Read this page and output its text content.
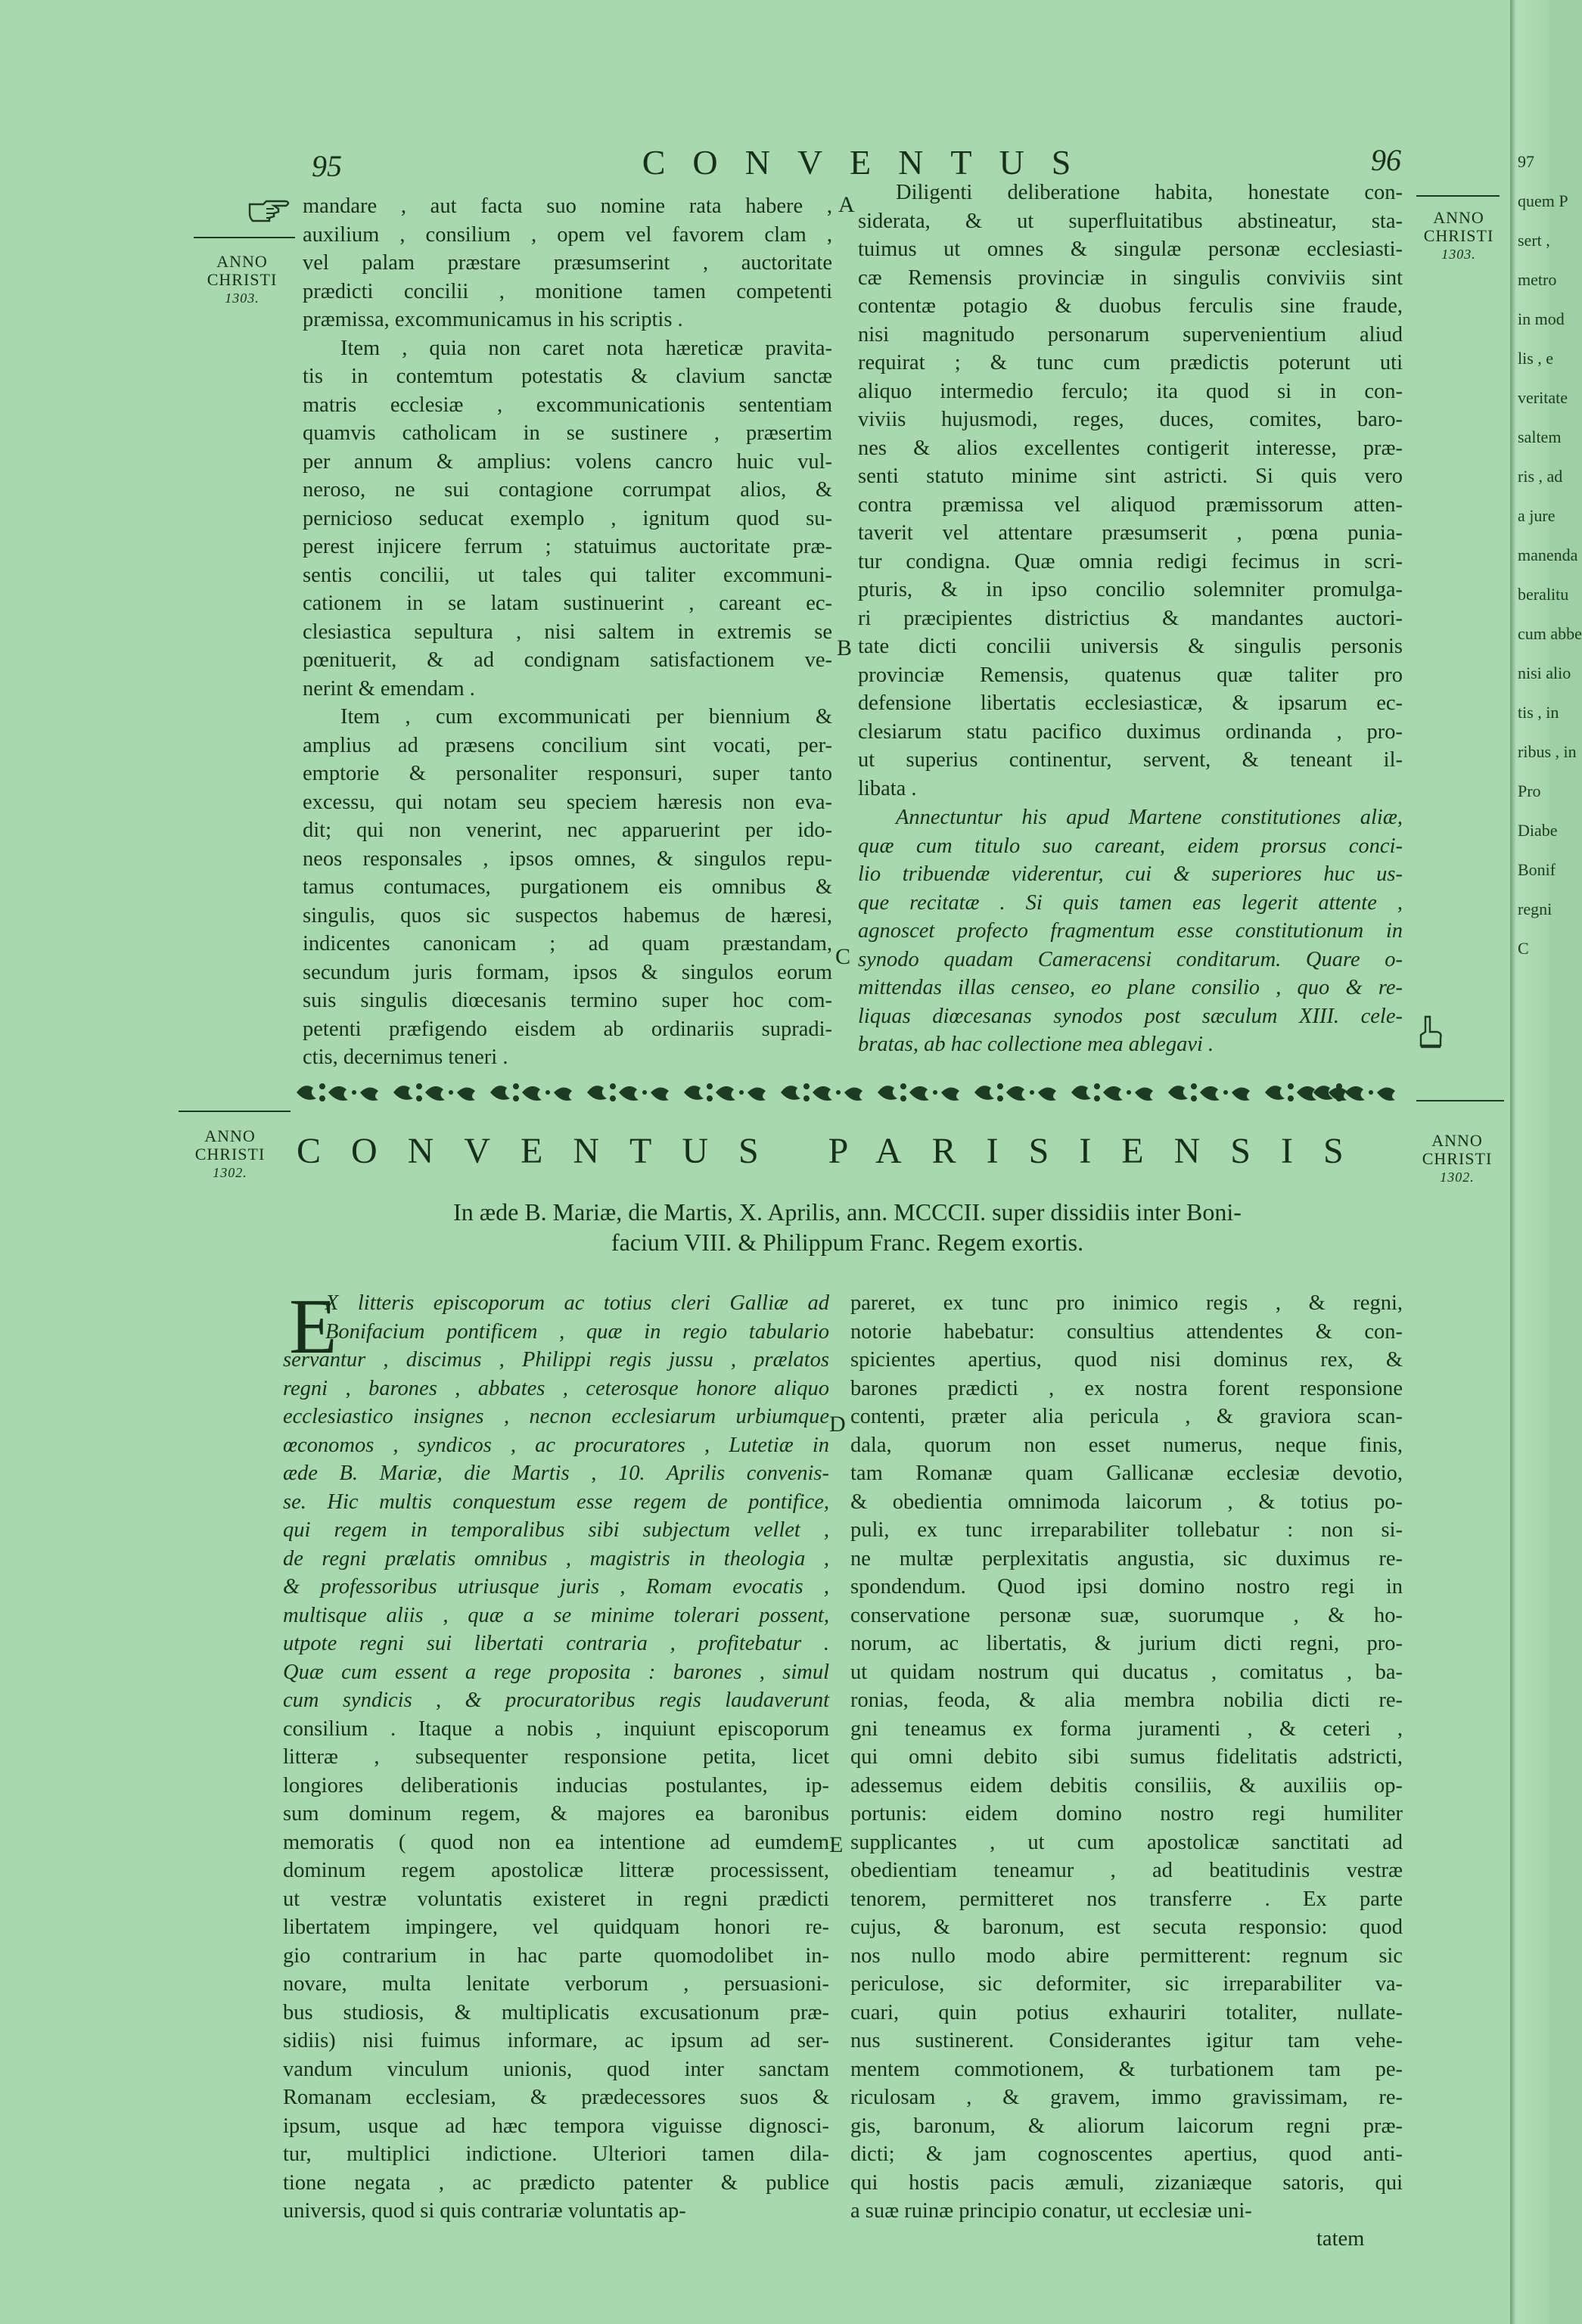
95	96
CONVENTUS
ANNO
CHRISTI
1303.
ANNO
CHRISTI
1303.
A
B
C
D
E
mandare , aut facta suo nomine rata habere ,
auxilium , consilium , opem vel favorem clam ,
vel palam præstare præsumserint , auctoritate
prædicti concilii , monitione tamen competenti
præmissa, excommunicamus in his scriptis .
Item , quia non caret nota hæreticæ pravita-
tis in contemtum potestatis & clavium sanctæ
matris ecclesiæ , excommunicationis sententiam
quamvis catholicam in se sustinere , præsertim
per annum & amplius: volens cancro huic vul-
neroso, ne sui contagione corrumpat alios, &
pernicioso seducat exemplo , ignitum quod su-
perest injicere ferrum ; statuimus auctoritate præ-
sentis concilii, ut tales qui taliter excommuni-
cationem in se latam sustinuerint , careant ec-
clesiastica sepultura , nisi saltem in extremis se
pœnituerit, & ad condignam satisfactionem ve-
nerint & emendam .
Item , cum excommunicati per biennium &
amplius ad præsens concilium sint vocati, per-
emptorie & personaliter responsuri, super tanto
excessu, qui notam seu speciem hæresis non eva-
dit; qui non venerint, nec apparuerint per ido-
neos responsales , ipsos omnes, & singulos repu-
tamus contumaces, purgationem eis omnibus &
singulis, quos sic suspectos habemus de hæresi,
indicentes canonicam ; ad quam præstandam,
secundum juris formam, ipsos & singulos eorum
suis singulis diœcesanis termino super hoc com-
petenti præfigendo eisdem ab ordinariis supradi-
ctis, decernimus teneri .
Diligenti deliberatione habita, honestate con-
siderata, & ut superfluitatibus abstineatur, sta-
tuimus ut omnes & singulæ personæ ecclesiasti-
cæ Remensis provinciæ in singulis conviviis sint
contentæ potagio & duobus ferculis sine fraude,
nisi magnitudo personarum supervenientium aliud
requirat ; & tunc cum prædictis poterunt uti
aliquo intermedio ferculo; ita quod si in con-
viviis hujusmodi, reges, duces, comites, baro-
nes & alios excellentes contigerit interesse, præ-
senti statuto minime sint astricti. Si quis vero
contra præmissa vel aliquod præmissorum atten-
taverit vel attentare præsumserit , pœna punia-
tur condigna. Quæ omnia redigi fecimus in scri-
pturis, & in ipso concilio solemniter promulga-
ri præcipientes districtius & mandantes auctori-
tate dicti concilii universis & singulis personis
provinciæ Remensis, quatenus quæ taliter pro
defensione libertatis ecclesiasticæ, & ipsarum ec-
clesiarum statu pacifico duximus ordinanda , pro-
ut superius continentur, servent, & teneant il-
libata .
Annectuntur his apud Martene constitutiones aliæ,
quæ cum titulo suo careant, eidem prorsus conci-
lio tribuendæ viderentur, cui & superiores huc us-
que recitatæ . Si quis tamen eas legerit attente ,
agnoscet profecto fragmentum esse constitutionum in
synodo quadam Cameracensi conditarum. Quare o-
mittendas illas censeo, eo plane consilio , quo & re-
liquas diœcesanas synodos post sæculum XIII. cele-
bratas, ab hac collectione mea ablegavi .
ANNO
CHRISTI
1302.
ANNO
CHRISTI
1302.
CONVENTUS PARISIENSIS
In æde B. Mariæ, die Martis, X. Aprilis, ann. MCCCII. super dissidiis inter Boni-
facium VIII. & Philippum Franc. Regem exortis.
E
X litteris episcoporum ac totius cleri Galliæ ad
Bonifacium pontificem , quæ in regio tabulario
servantur , discimus , Philippi regis jussu , prælatos
regni , barones , abbates , ceterosque honore aliquo
ecclesiastico insignes , necnon ecclesiarum urbiumque
œconomos , syndicos , ac procuratores , Lutetiæ in
æde B. Mariæ, die Martis , 10. Aprilis convenis-
se. Hic multis conquestum esse regem de pontifice,
qui regem in temporalibus sibi subjectum vellet ,
de regni prælatis omnibus , magistris in theologia ,
& professoribus utriusque juris , Romam evocatis ,
multisque aliis , quæ a se minime tolerari possent,
utpote regni sui libertati contraria , profitebatur .
Quæ cum essent a rege proposita : barones , simul
cum syndicis , & procuratoribus regis laudaverunt
consilium . Itaque a nobis , inquiunt episcoporum
litteræ , subsequenter responsione petita, licet
longiores deliberationis inducias postulantes, ip-
sum dominum regem, & majores ea baronibus
memoratis ( quod non ea intentione ad eumdem
dominum regem apostolicæ litteræ processissent,
ut vestræ voluntatis existeret in regni prædicti
libertatem impingere, vel quidquam honori re-
gio contrarium in hac parte quomodolibet in-
novare, multa lenitate verborum , persuasioni-
bus studiosis, & multiplicatis excusationum præ-
sidiis) nisi fuimus informare, ac ipsum ad ser-
vandum vinculum unionis, quod inter sanctam
Romanam ecclesiam, & prædecessores suos &
ipsum, usque ad hæc tempora viguisse dignosci-
tur, multiplici indictione. Ulteriori tamen dila-
tione negata , ac prædicto patenter & publice
universis, quod si quis contrariæ voluntatis ap-
pareret, ex tunc pro inimico regis , & regni,
notorie habebatur: consultius attendentes & con-
spicientes apertius, quod nisi dominus rex, &
barones prædicti , ex nostra forent responsione
contenti, præter alia pericula , & graviora scan-
dala, quorum non esset numerus, neque finis,
tam Romanæ quam Gallicanæ ecclesiæ devotio,
& obedientia omnimoda laicorum , & totius po-
puli, ex tunc irreparabiliter tollebatur : non si-
ne multæ perplexitatis angustia, sic duximus re-
spondendum. Quod ipsi domino nostro regi in
conservatione personæ suæ, suorumque , & ho-
norum, ac libertatis, & jurium dicti regni, pro-
ut quidam nostrum qui ducatus , comitatus , ba-
ronias, feoda, & alia membra nobilia dicti re-
gni teneamus ex forma juramenti , & ceteri ,
qui omni debito sibi sumus fidelitatis adstricti,
adessemus eidem debitis consiliis, & auxiliis op-
portunis: eidem domino nostro regi humiliter
supplicantes , ut cum apostolicæ sanctitati ad
obedientiam teneamur , ad beatitudinis vestræ
tenorem, permitteret nos transferre . Ex parte
cujus, & baronum, est secuta responsio: quod
nos nullo modo abire permitterent: regnum sic
periculose, sic deformiter, sic irreparabiliter va-
cuari, quin potius exhauriri totaliter, nullate-
nus sustinerent. Considerantes igitur tam vehe-
mentem commotionem, & turbationem tam pe-
riculosam , & gravem, immo gravissimam, re-
gis, baronum, & aliorum laicorum regni præ-
dicti; & jam cognoscentes apertius, quod anti-
qui hostis pacis æmuli, zizaniæque satoris, qui
a suæ ruinæ principio conatur, ut ecclesiæ uni-
tatem
97
quem P
sert ,
metro
in mod
lis , e
veritate
saltem
ris , ad
a jure
manenda
beralitu
cum abbe
nisi alio
tis , in
ribus , in
Pro
Diabe
Bonif
regni
C
